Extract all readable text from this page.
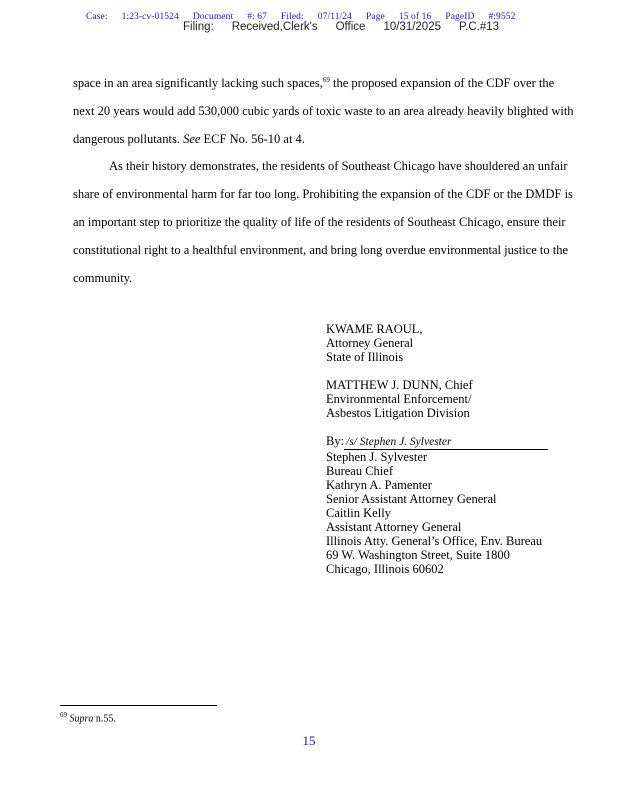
Case: 1:23-cv-01524 Document #: 67 Filed: 07/11/24 Page 15 of 16 PageID #:9552
Filing: Received,Clerk's Office 10/31/2025 P.C.#13

space in an area significantly lacking such spaces,$^{69}$ the proposed expansion of the CDF over the next 20 years would add 530,000 cubic yards of toxic waste to an area already heavily blighted with dangerous pollutants. See ECF No. 56-10 at 4.

As their history demonstrates, the residents of Southeast Chicago have shouldered an unfair share of environmental harm for far too long. Prohibiting the expansion of the CDF or the DMDF is an important step to prioritize the quality of life of the residents of Southeast Chicago, ensure their constitutional right to a healthful environment, and bring long overdue environmental justice to the community.

KWAME RAOUL,
Attorney General
State of Illinois
MATTHEW J. DUNN, Chief
Environmental Enforcement/
Asbestos Litigation Division
By: /s/ Stephen J. Sylvester
Stephen J. Sylvester
Bureau Chief
Kathryn A. Pamenter
Senior Assistant Attorney General
Caitlin Kelly
Assistant Attorney General
Illinois Atty. General’s Office, Env. Bureau
69 W. Washington Street, Suite 1800
Chicago, Illinois 60602
$^{69}$ Supra n.55.
15
